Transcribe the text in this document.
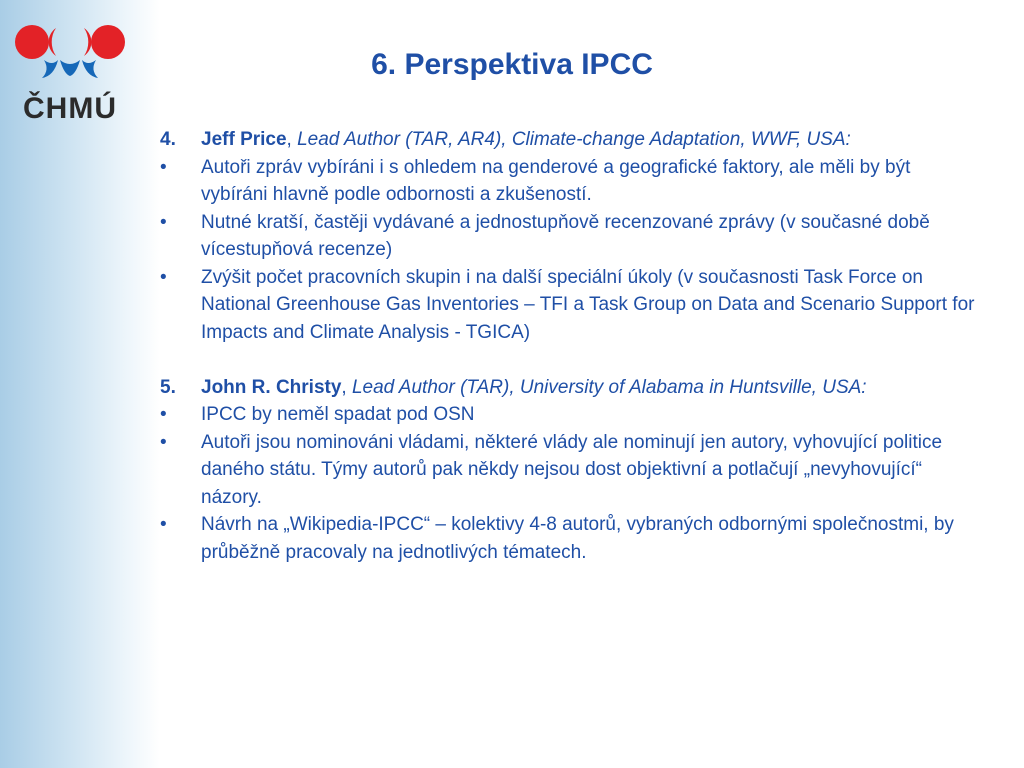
ČHMÚ
6. Perspektiva IPCC
4.	Jeff Price, Lead Author (TAR, AR4), Climate-change Adaptation, WWF, USA:
•	Autoři zpráv vybíráni i s ohledem na genderové a geografické faktory, ale měli by být vybíráni hlavně podle odbornosti a zkušeností.
•	Nutné kratší, častěji vydávané a jednostupňově recenzované zprávy (v současné době vícestupňová recenze)
•	Zvýšit počet pracovních skupin i na další speciální úkoly (v současnosti Task Force on National Greenhouse Gas Inventories – TFI a Task Group on Data and Scenario Support for Impacts and Climate Analysis - TGICA)
5.	John R. Christy, Lead Author (TAR), University of Alabama in Huntsville, USA:
•	IPCC by neměl spadat pod OSN
•	Autoři jsou nominováni vládami, některé vlády ale nominují jen autory, vyhovující politice daného státu. Týmy autorů pak někdy nejsou dost objektivní a potlačují „nevyhovující“ názory.
•	Návrh na „Wikipedia-IPCC“ – kolektivy 4-8 autorů, vybraných odbornými společnostmi, by průběžně pracovaly na jednotlivých tématech.
